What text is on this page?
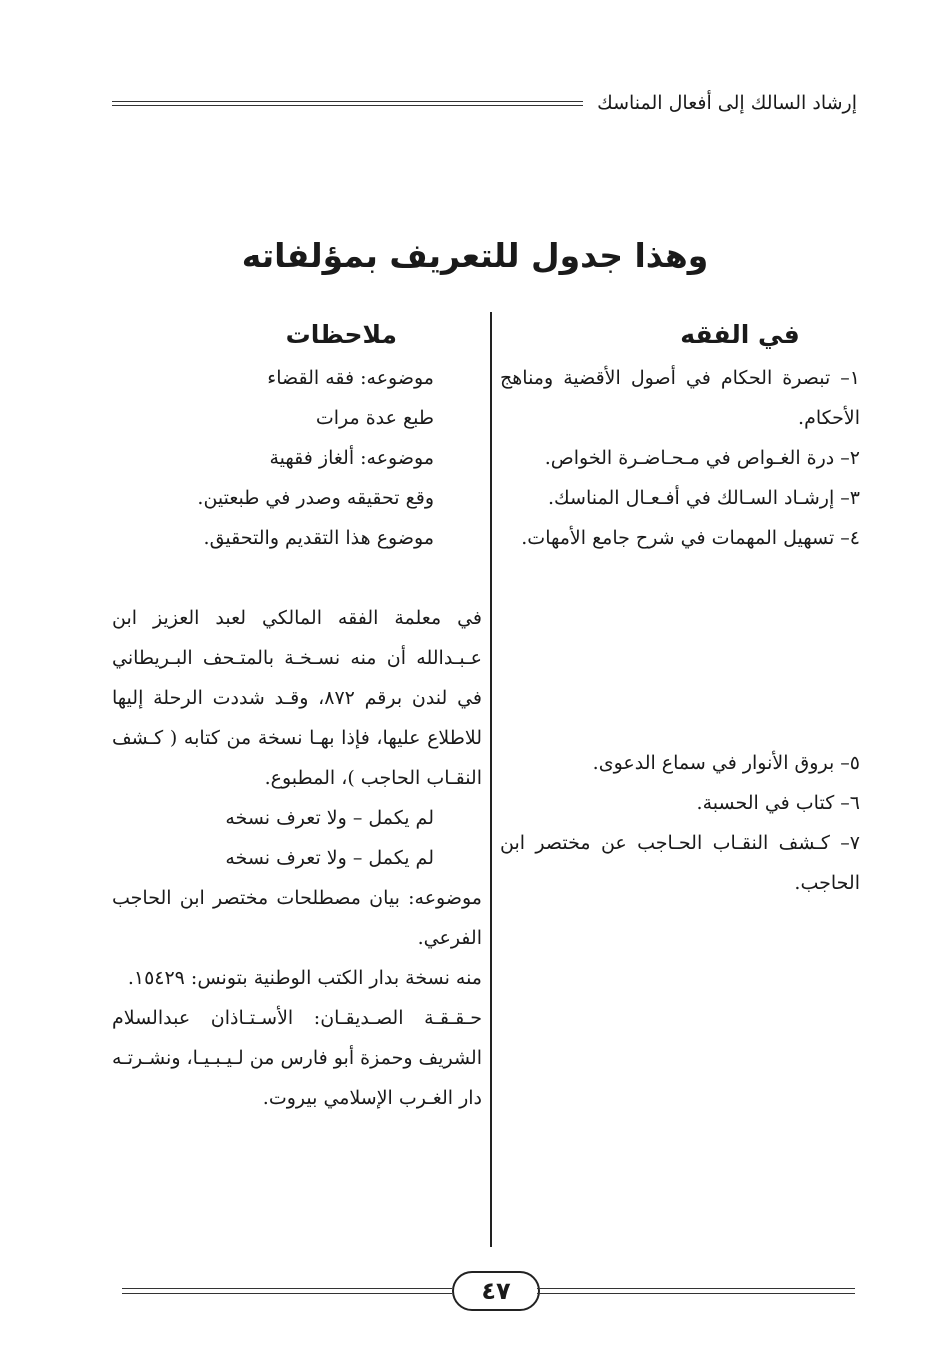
إرشاد السالك إلى أفعال المناسك
وهذا جدول للتعريف بمؤلفاته
في الفقه
١– تبصرة الحكام في أصول الأقضية ومناهج الأحكام.
٢– درة الغـواص في مـحـاضـرة الخواص.
٣– إرشـاد السـالك في أفـعـال المناسك.
٤– تسهيل المهمات في شرح جامع الأمهات.
٥– بروق الأنوار في سماع الدعوى.
٦– كتاب في الحسبة.
٧– كـشف النقـاب الحـاجب عن مختصر ابن الحاجب.
ملاحظات
موضوعه: فقه القضاء
طبع عدة مرات
موضوعه: ألغاز فقهية
وقع تحقيقه وصدر في طبعتين.
موضوع هذا التقديم والتحقيق.
في معلمة الفقه المالكي لعبد العزيز ابن عـبـدالله أن منه نسـخـة بالمتـحف البـريطاني في لندن برقم ٨٧٢، وقـد شددت الرحلة إليها للاطلاع عليها، فإذا بهـا نسخة من كتابه ( كـشف النقـاب الحاجب )، المطبوع.
لم يكمل – ولا تعرف نسخه
لم يكمل – ولا تعرف نسخه
موضوعه: بيان مصطلحات مختصر ابن الحاجب الفرعي.
منه نسخة بدار الكتب الوطنية بتونس: ١٥٤٢٩.
حـقـقـة الصـديقـان: الأسـتـاذان عبدالسلام الشريف وحمزة أبو فارس من لـيـبـيـا، ونشـرتـه دار الغـرب الإسلامي بيروت.
٤٧
